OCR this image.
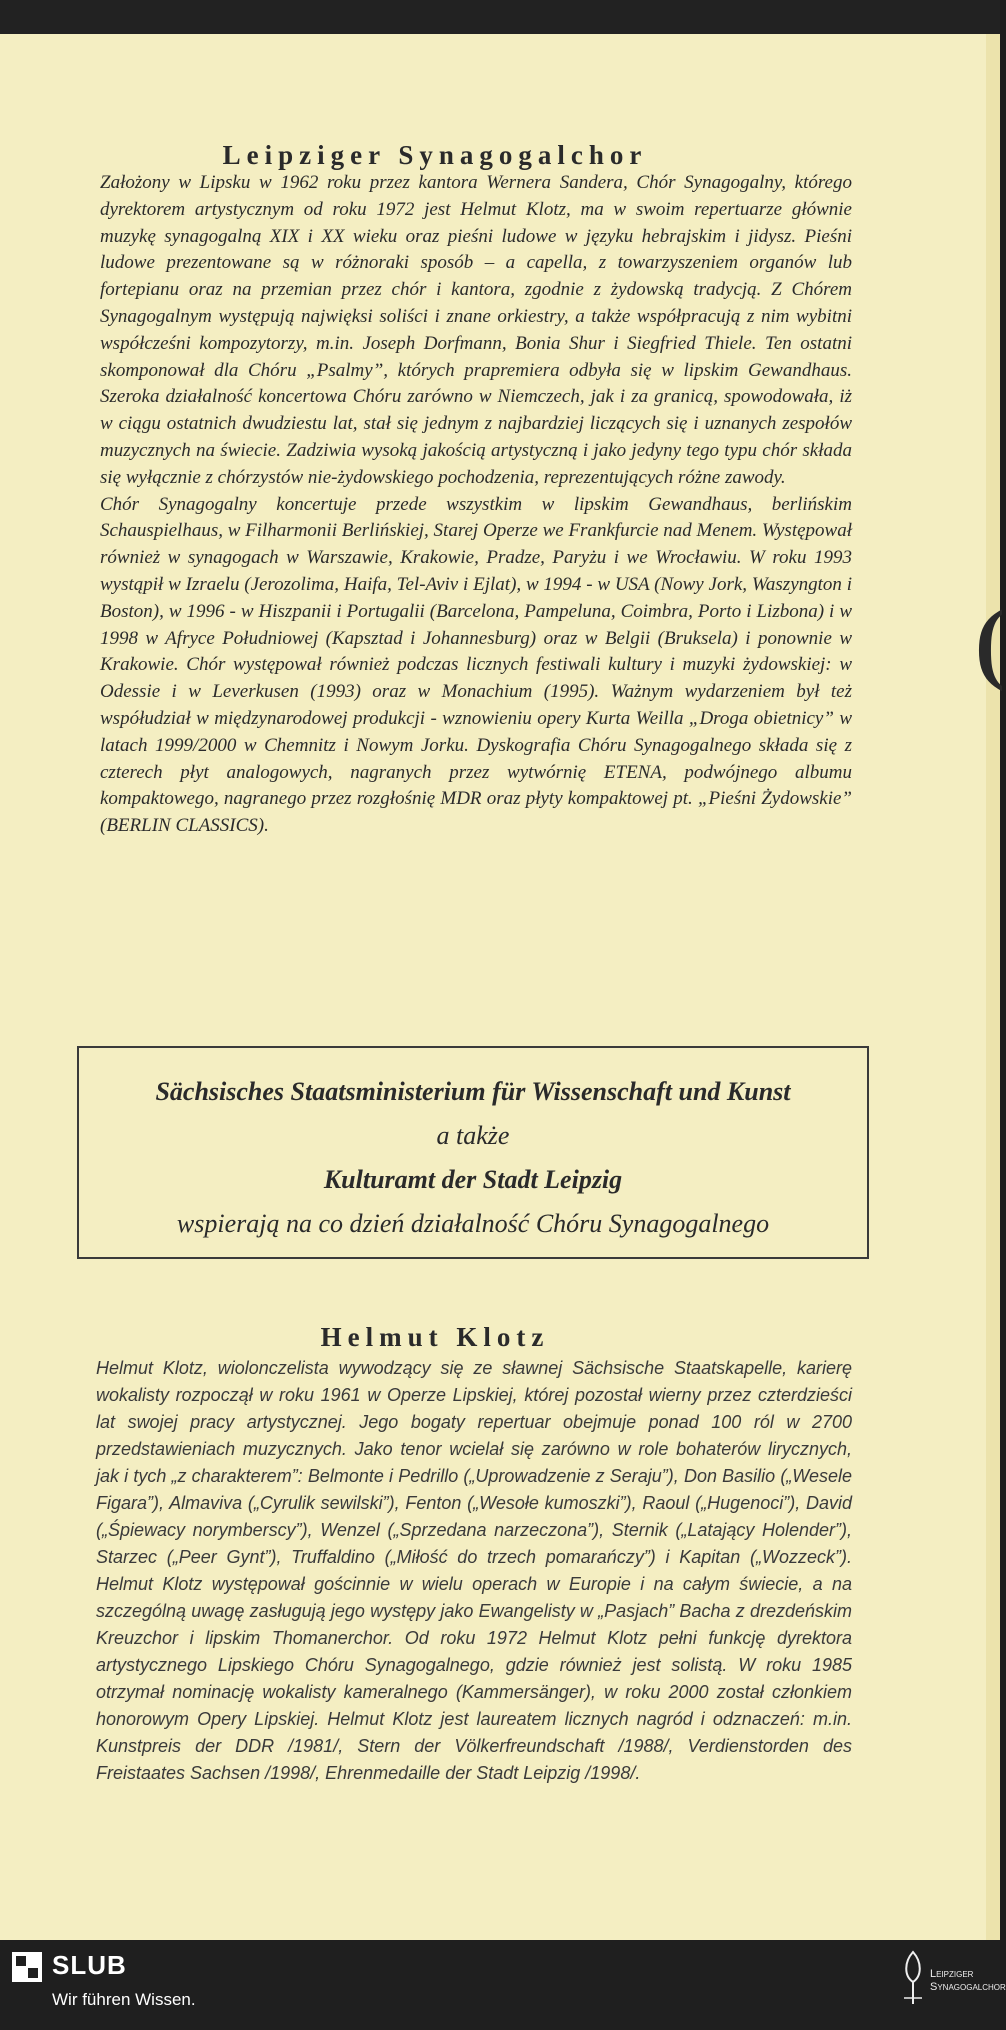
(
Leipziger Synagogalchor

Założony w Lipsku w 1962 roku przez kantora Wernera Sandera, Chór Synagogalny, którego dyrektorem artystycznym od roku 1972 jest Helmut Klotz, ma w swoim repertuarze głównie muzykę synagogalną XIX i XX wieku oraz pieśni ludowe w języku hebrajskim i jidysz. Pieśni ludowe prezentowane są w różnoraki sposób – a capella, z towarzyszeniem organów lub fortepianu oraz na przemian przez chór i kantora, zgodnie z żydowską tradycją. Z Chórem Synagogalnym występują najwięksi soliści i znane orkiestry, a także współpracują z nim wybitni współcześni kompozytorzy, m.in. Joseph Dorfmann, Bonia Shur i Siegfried Thiele. Ten ostatni skomponował dla Chóru „Psalmy”, których prapremiera odbyła się w lipskim Gewandhaus. Szeroka działalność koncertowa Chóru zarówno w Niemczech, jak i za granicą, spowodowała, iż w ciągu ostatnich dwudziestu lat, stał się jednym z najbardziej liczących się i uznanych zespołów muzycznych na świecie. Zadziwia wysoką jakością artystyczną i jako jedyny tego typu chór składa się wyłącznie z chórzystów nie-żydowskiego pochodzenia, reprezentujących różne zawody.

Chór Synagogalny koncertuje przede wszystkim w lipskim Gewandhaus, berlińskim Schauspielhaus, w Filharmonii Berlińskiej, Starej Operze we Frankfurcie nad Menem. Występował również w synagogach w Warszawie, Krakowie, Pradze, Paryżu i we Wrocławiu. W roku 1993 wystąpił w Izraelu (Jerozolima, Haifa, Tel-Aviv i Ejlat), w 1994 - w USA (Nowy Jork, Waszyngton i Boston), w 1996 - w Hiszpanii i Portugalii (Barcelona, Pampeluna, Coimbra, Porto i Lizbona) i w 1998 w Afryce Południowej (Kapsztad i Johannesburg) oraz w Belgii (Bruksela) i ponownie w Krakowie. Chór występował również podczas licznych festiwali kultury i muzyki żydowskiej: w Odessie i w Leverkusen (1993) oraz w Monachium (1995). Ważnym wydarzeniem był też współudział w międzynarodowej produkcji - wznowieniu opery Kurta Weilla „Droga obietnicy” w latach 1999/2000 w Chemnitz i Nowym Jorku. Dyskografia Chóru Synagogalnego składa się z czterech płyt analogowych, nagranych przez wytwórnię ETENA, podwójnego albumu kompaktowego, nagranego przez rozgłośnię MDR oraz płyty kompaktowej pt. „Pieśni Żydowskie” (BERLIN CLASSICS).

Sächsisches Staatsministerium für Wissenschaft und Kunst
a także
Kulturamt der Stadt Leipzig
wspierają na co dzień działalność Chóru Synagogalnego
Helmut Klotz
Helmut Klotz, wiolonczelista wywodzący się ze sławnej Sächsische Staatskapelle, karierę wokalisty rozpoczął w roku 1961 w Operze Lipskiej, której pozostał wierny przez czterdzieści lat swojej pracy artystycznej. Jego bogaty repertuar obejmuje ponad 100 ról w 2700 przedstawieniach muzycznych. Jako tenor wcielał się zarówno w role bohaterów lirycznych, jak i tych „z charakterem”: Belmonte i Pedrillo („Uprowadzenie z Seraju”), Don Basilio („Wesele Figara”), Almaviva („Cyrulik sewilski”), Fenton („Wesołe kumoszki”), Raoul („Hugenoci”), David („Śpiewacy norymberscy”), Wenzel („Sprzedana narzeczona”), Sternik („Latający Holender”), Starzec („Peer Gynt”), Truffaldino („Miłość do trzech pomarańczy”) i Kapitan („Wozzeck”). Helmut Klotz występował gościnnie w wielu operach w Europie i na całym świecie, a na szczególną uwagę zasługują jego występy jako Ewangelisty w „Pasjach” Bacha z drezdeńskim Kreuzchor i lipskim Thomanerchor. Od roku 1972 Helmut Klotz pełni funkcję dyrektora artystycznego Lipskiego Chóru Synagogalnego, gdzie również jest solistą. W roku 1985 otrzymał nominację wokalisty kameralnego (Kammersänger), w roku 2000 został członkiem honorowym Opery Lipskiej. Helmut Klotz jest laureatem licznych nagród i odznaczeń: m.in. Kunstpreis der DDR /1981/, Stern der Völkerfreundschaft /1988/, Verdienstorden des Freistaates Sachsen /1998/, Ehrenmedaille der Stadt Leipzig /1998/.
SLUB
Wir führen Wissen.
Leipziger
Synagogalchor
